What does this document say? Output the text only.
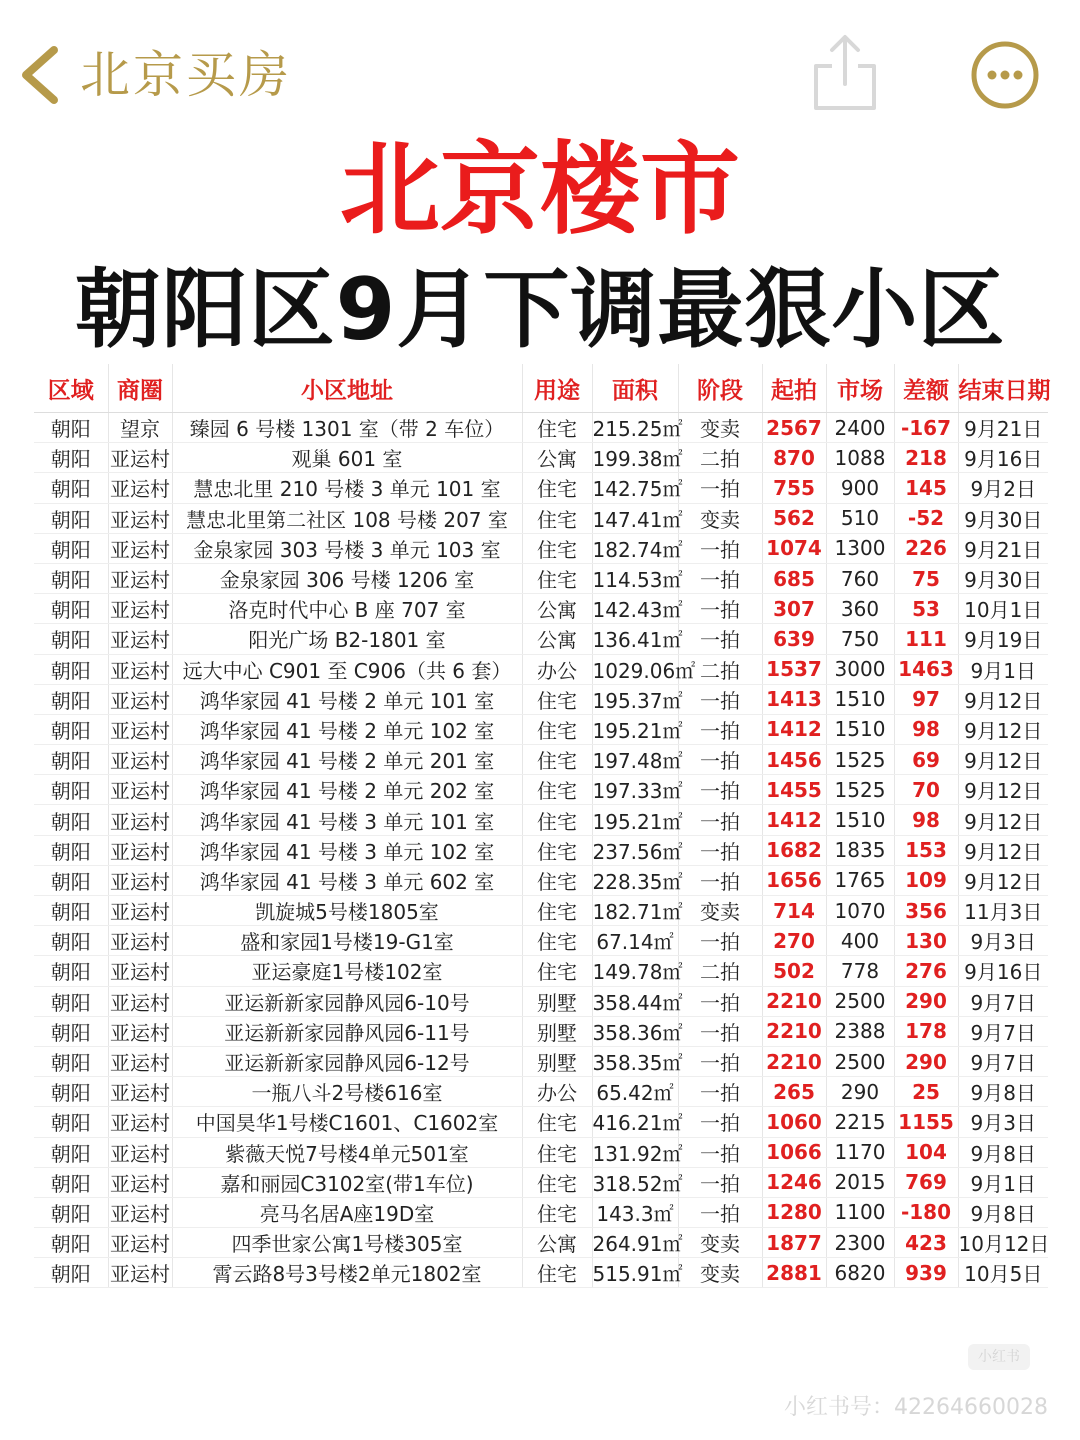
北京买房
北京楼市
朝阳区9月下调最狠小区
区域	商圈	小区地址	用途	面积	阶段	起拍	市场	差额	结束日期
朝阳	望京	臻园 6 号楼 1301 室（带 2 车位）	住宅	215.25㎡	变卖	2567	2400	-167	9月21日
朝阳	亚运村	观巢 601 室	公寓	199.38㎡	二拍	870	1088	218	9月16日
朝阳	亚运村	慧忠北里 210 号楼 3 单元 101 室	住宅	142.75㎡	一拍	755	900	145	9月2日
朝阳	亚运村	慧忠北里第二社区 108 号楼 207 室	住宅	147.41㎡	变卖	562	510	-52	9月30日
朝阳	亚运村	金泉家园 303 号楼 3 单元 103 室	住宅	182.74㎡	一拍	1074	1300	226	9月21日
朝阳	亚运村	金泉家园 306 号楼 1206 室	住宅	114.53㎡	一拍	685	760	75	9月30日
朝阳	亚运村	洛克时代中心 B 座 707 室	公寓	142.43㎡	一拍	307	360	53	10月1日
朝阳	亚运村	阳光广场 B2-1801 室	公寓	136.41㎡	一拍	639	750	111	9月19日
朝阳	亚运村	远大中心 C901 至 C906（共 6 套）	办公	1029.06㎡	二拍	1537	3000	1463	9月1日
朝阳	亚运村	鸿华家园 41 号楼 2 单元 101 室	住宅	195.37㎡	一拍	1413	1510	97	9月12日
朝阳	亚运村	鸿华家园 41 号楼 2 单元 102 室	住宅	195.21㎡	一拍	1412	1510	98	9月12日
朝阳	亚运村	鸿华家园 41 号楼 2 单元 201 室	住宅	197.48㎡	一拍	1456	1525	69	9月12日
朝阳	亚运村	鸿华家园 41 号楼 2 单元 202 室	住宅	197.33㎡	一拍	1455	1525	70	9月12日
朝阳	亚运村	鸿华家园 41 号楼 3 单元 101 室	住宅	195.21㎡	一拍	1412	1510	98	9月12日
朝阳	亚运村	鸿华家园 41 号楼 3 单元 102 室	住宅	237.56㎡	一拍	1682	1835	153	9月12日
朝阳	亚运村	鸿华家园 41 号楼 3 单元 602 室	住宅	228.35㎡	一拍	1656	1765	109	9月12日
朝阳	亚运村	凯旋城5号楼1805室	住宅	182.71㎡	变卖	714	1070	356	11月3日
朝阳	亚运村	盛和家园1号楼19-G1室	住宅	67.14㎡	一拍	270	400	130	9月3日
朝阳	亚运村	亚运豪庭1号楼102室	住宅	149.78㎡	二拍	502	778	276	9月16日
朝阳	亚运村	亚运新新家园静风园6-10号	别墅	358.44㎡	一拍	2210	2500	290	9月7日
朝阳	亚运村	亚运新新家园静风园6-11号	别墅	358.36㎡	一拍	2210	2388	178	9月7日
朝阳	亚运村	亚运新新家园静风园6-12号	别墅	358.35㎡	一拍	2210	2500	290	9月7日
朝阳	亚运村	一瓶八斗2号楼616室	办公	65.42㎡	一拍	265	290	25	9月8日
朝阳	亚运村	中国昊华1号楼C1601、C1602室	住宅	416.21㎡	一拍	1060	2215	1155	9月3日
朝阳	亚运村	紫薇天悦7号楼4单元501室	住宅	131.92㎡	一拍	1066	1170	104	9月8日
朝阳	亚运村	嘉和丽园C3102室(带1车位)	住宅	318.52㎡	一拍	1246	2015	769	9月1日
朝阳	亚运村	亮马名居A座19D室	住宅	143.3㎡	一拍	1280	1100	-180	9月8日
朝阳	亚运村	四季世家公寓1号楼305室	公寓	264.91㎡	变卖	1877	2300	423	10月12日
朝阳	亚运村	霄云路8号3号楼2单元1802室	住宅	515.91㎡	变卖	2881	6820	939	10月5日
小红书
小红书号：42264660028
